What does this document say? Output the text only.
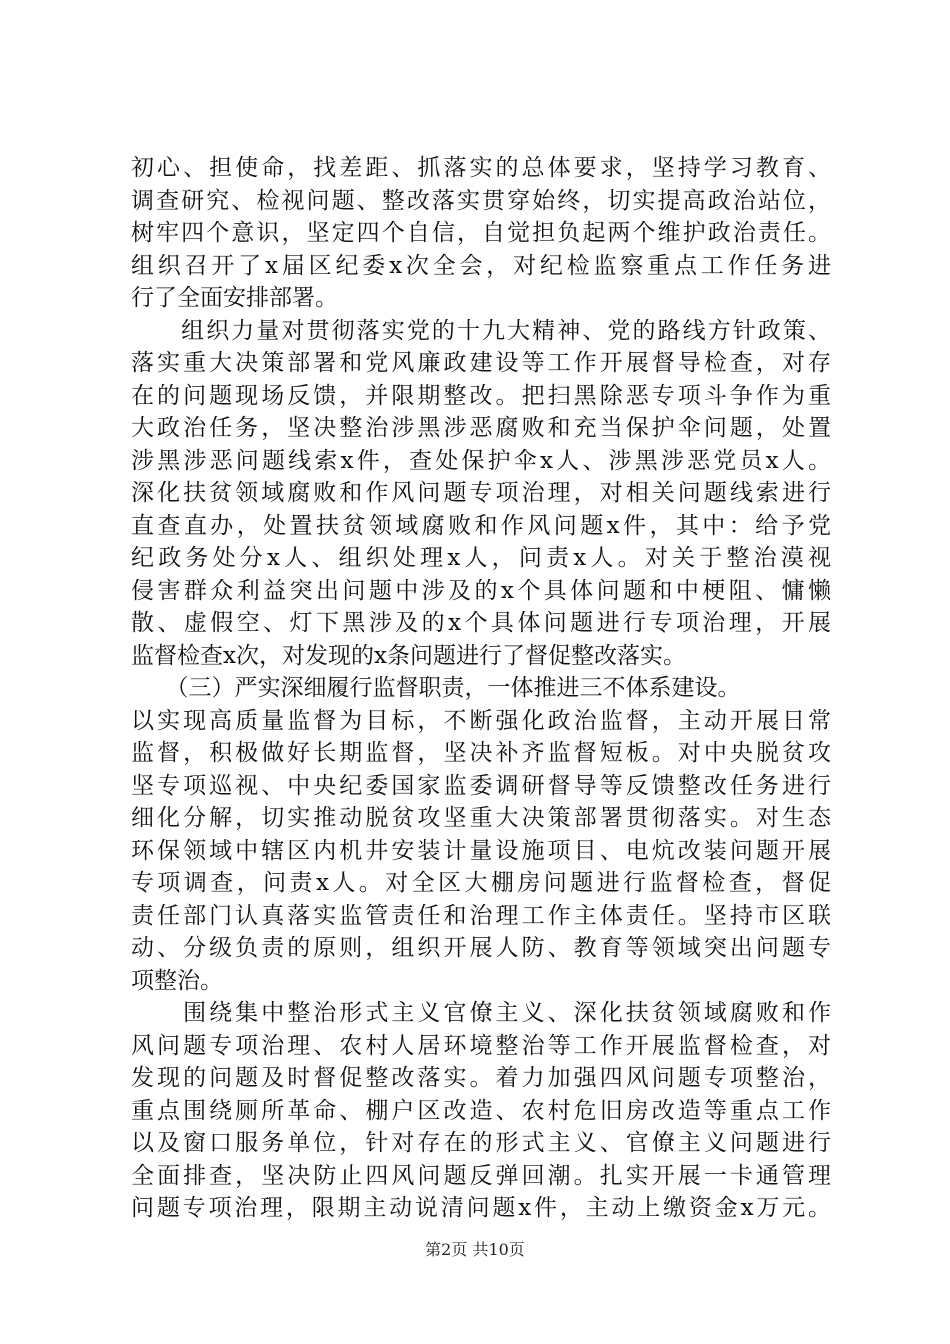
初心、担使命，找差距、抓落实的总体要求，坚持学习教育、
调查研究、检视问题、整改落实贯穿始终，切实提高政治站位，
树牢四个意识，坚定四个自信，自觉担负起两个维护政治责任。
组织召开了x届区纪委x次全会，对纪检监察重点工作任务进
行了全面安排部署。
　　组织力量对贯彻落实党的十九大精神、党的路线方针政策、
落实重大决策部署和党风廉政建设等工作开展督导检查，对存
在的问题现场反馈，并限期整改。把扫黑除恶专项斗争作为重
大政治任务，坚决整治涉黑涉恶腐败和充当保护伞问题，处置
涉黑涉恶问题线索x件，查处保护伞x人、涉黑涉恶党员x人。
深化扶贫领域腐败和作风问题专项治理，对相关问题线索进行
直查直办，处置扶贫领域腐败和作风问题x件，其中：给予党
纪政务处分x人、组织处理x人，问责x人。对关于整治漠视
侵害群众利益突出问题中涉及的x个具体问题和中梗阻、慵懒
散、虚假空、灯下黑涉及的x个具体问题进行专项治理，开展
监督检查x次，对发现的x条问题进行了督促整改落实。
　　（三）严实深细履行监督职责，一体推进三不体系建设。
以实现高质量监督为目标，不断强化政治监督，主动开展日常
监督，积极做好长期监督，坚决补齐监督短板。对中央脱贫攻
坚专项巡视、中央纪委国家监委调研督导等反馈整改任务进行
细化分解，切实推动脱贫攻坚重大决策部署贯彻落实。对生态
环保领域中辖区内机井安装计量设施项目、电炕改装问题开展
专项调查，问责x人。对全区大棚房问题进行监督检查，督促
责任部门认真落实监管责任和治理工作主体责任。坚持市区联
动、分级负责的原则，组织开展人防、教育等领域突出问题专
项整治。
　　围绕集中整治形式主义官僚主义、深化扶贫领域腐败和作
风问题专项治理、农村人居环境整治等工作开展监督检查，对
发现的问题及时督促整改落实。着力加强四风问题专项整治，
重点围绕厕所革命、棚户区改造、农村危旧房改造等重点工作
以及窗口服务单位，针对存在的形式主义、官僚主义问题进行
全面排查，坚决防止四风问题反弹回潮。扎实开展一卡通管理
问题专项治理，限期主动说清问题x件，主动上缴资金x万元。
第2页 共10页
